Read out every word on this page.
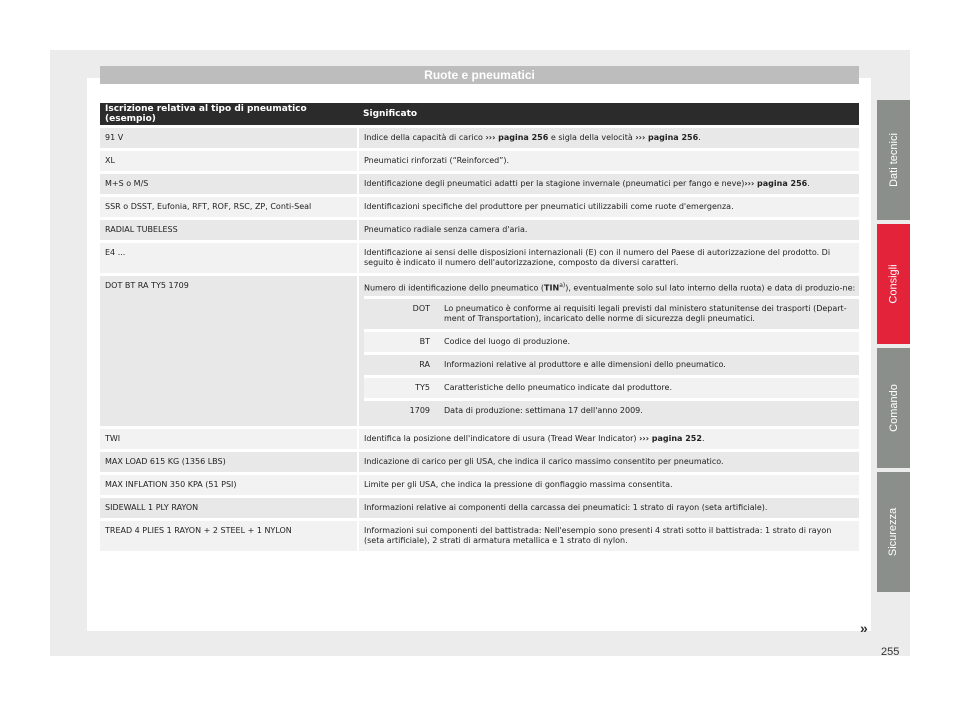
Ruote e pneumatici
Iscrizione relativa al tipo di pneumatico (esempio)	Significato
91 V	Indice della capacità di carico ››› pagina 256 e sigla della velocità ››› pagina 256.
XL	Pneumatici rinforzati (“Reinforced”).
M+S o M/S	Identificazione degli pneumatici adatti per la stagione invernale (pneumatici per fango e neve)››› pagina 256.
SSR o DSST, Eufonia, RFT, ROF, RSC, ZP, Conti-Seal	Identificazioni specifiche del produttore per pneumatici utilizzabili come ruote d'emergenza.
RADIAL TUBELESS	Pneumatico radiale senza camera d'aria.
E4 ...	Identificazione ai sensi delle disposizioni internazionali (E) con il numero del Paese di autorizzazione del prodotto. Di seguito è indicato il numero dell'autorizzazione, composto da diversi caratteri.
DOT BT RA TY5 1709	Numero di identificazione dello pneumatico (TIN$^{a)}$), eventualmente solo sul lato interno della ruota) e data di produzio-ne:
DOT	Lo pneumatico è conforme ai requisiti legali previsti dal ministero statunitense dei trasporti (Depart-ment of Transportation), incaricato delle norme di sicurezza degli pneumatici.
BT	Codice del luogo di produzione.
RA	Informazioni relative al produttore e alle dimensioni dello pneumatico.
TY5	Caratteristiche dello pneumatico indicate dal produttore.
1709	Data di produzione: settimana 17 dell'anno 2009.

TWI	Identifica la posizione dell'indicatore di usura (Tread Wear Indicator) ››› pagina 252.
MAX LOAD 615 KG (1356 LBS)	Indicazione di carico per gli USA, che indica il carico massimo consentito per pneumatico.
MAX INFLATION 350 KPA (51 PSI)	Limite per gli USA, che indica la pressione di gonfiaggio massima consentita.
SIDEWALL 1 PLY RAYON	Informazioni relative ai componenti della carcassa dei pneumatici: 1 strato di rayon (seta artificiale).
TREAD 4 PLIES 1 RAYON + 2 STEEL + 1 NYLON	Informazioni sui componenti del battistrada: Nell'esempio sono presenti 4 strati sotto il battistrada: 1 strato di rayon (seta artificiale), 2 strati di armatura metallica e 1 strato di nylon.
Dati tecnici
Consigli
Comando
Sicurezza
»
255
